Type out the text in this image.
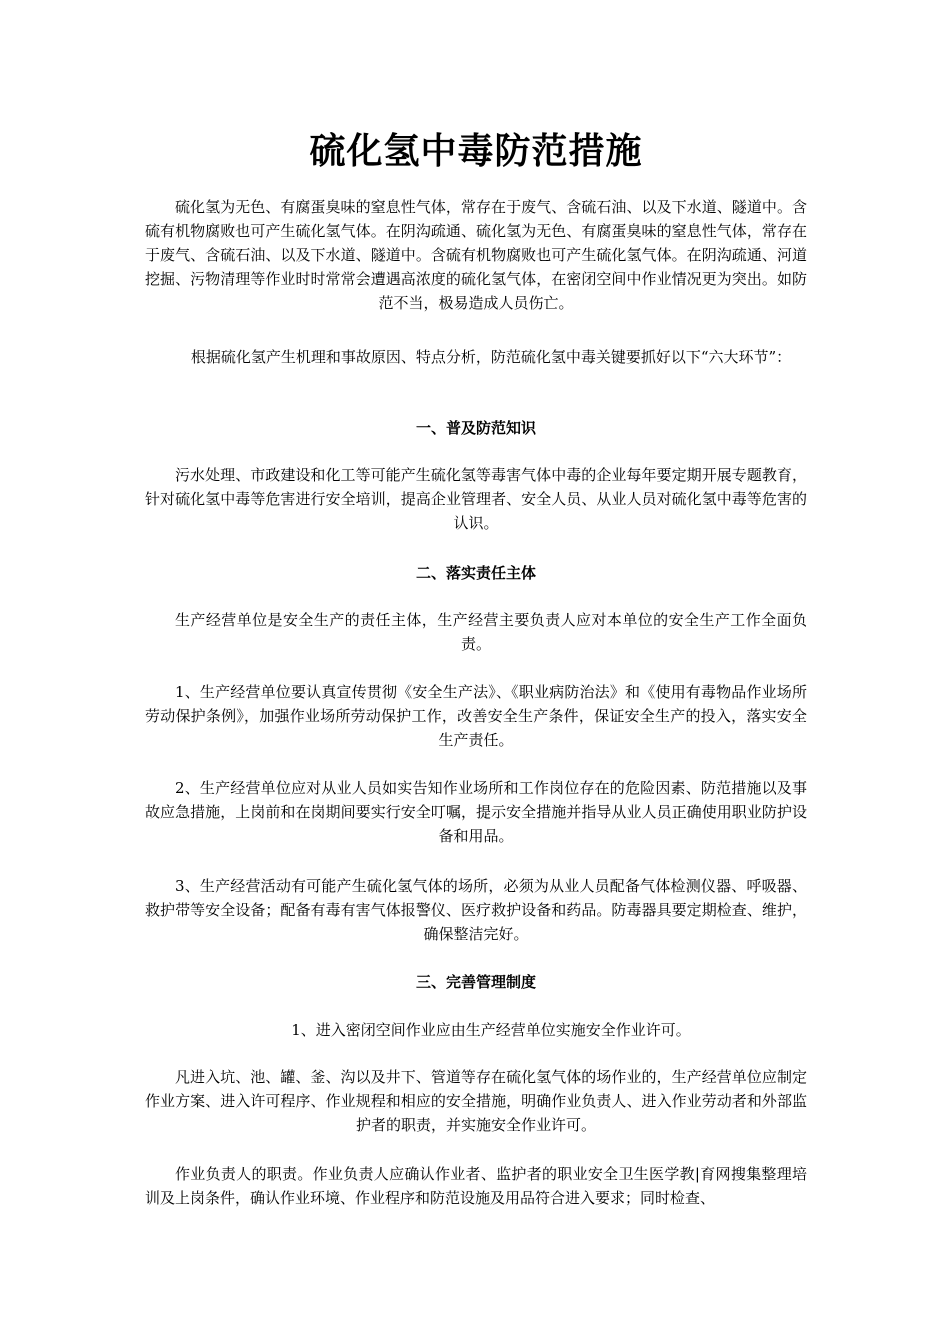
硫化氢中毒防范措施

硫化氢为无色、有腐蛋臭味的窒息性气体，常存在于废气、含硫石油、以及下水道、隧道中。含硫有机物腐败也可产生硫化氢气体。在阴沟疏通、硫化氢为无色、有腐蛋臭味的窒息性气体，常存在于废气、含硫石油、以及下水道、隧道中。含硫有机物腐败也可产生硫化氢气体。在阴沟疏通、河道挖掘、污物清理等作业时时常常会遭遇高浓度的硫化氢气体，在密闭空间中作业情况更为突出。如防范不当，极易造成人员伤亡。

根据硫化氢产生机理和事故原因、特点分析，防范硫化氢中毒关键要抓好以下“六大环节”：

一、普及防范知识

污水处理、市政建设和化工等可能产生硫化氢等毒害气体中毒的企业每年要定期开展专题教育，针对硫化氢中毒等危害进行安全培训，提高企业管理者、安全人员、从业人员对硫化氢中毒等危害的认识。

二、落实责任主体

生产经营单位是安全生产的责任主体，生产经营主要负责人应对本单位的安全生产工作全面负责。

1、生产经营单位要认真宣传贯彻《安全生产法》、《职业病防治法》和《使用有毒物品作业场所劳动保护条例》，加强作业场所劳动保护工作，改善安全生产条件，保证安全生产的投入，落实安全生产责任。

2、生产经营单位应对从业人员如实告知作业场所和工作岗位存在的危险因素、防范措施以及事故应急措施，上岗前和在岗期间要实行安全叮嘱，提示安全措施并指导从业人员正确使用职业防护设备和用品。

3、生产经营活动有可能产生硫化氢气体的场所，必须为从业人员配备气体检测仪器、呼吸器、救护带等安全设备；配备有毒有害气体报警仪、医疗救护设备和药品。防毒器具要定期检查、维护，确保整洁完好。

三、完善管理制度

1、进入密闭空间作业应由生产经营单位实施安全作业许可。

凡进入坑、池、罐、釜、沟以及井下、管道等存在硫化氢气体的场作业的，生产经营单位应制定作业方案、进入许可程序、作业规程和相应的安全措施，明确作业负责人、进入作业劳动者和外部监护者的职责，并实施安全作业许可。

作业负责人的职责。作业负责人应确认作业者、监护者的职业安全卫生医学教|育网搜集整理培训及上岗条件，确认作业环境、作业程序和防范设施及用品符合进入要求；同时检查、
